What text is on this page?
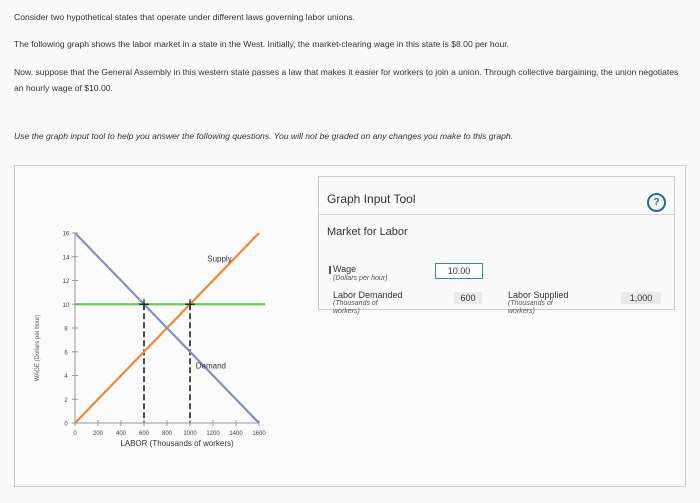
Consider two hypothetical states that operate under different laws governing labor unions.

The following graph shows the labor market in a state in the West. Initially, the market-clearing wage in this state is $8.00 per hour.

Now, suppose that the General Assembly in this western state passes a law that makes it easier for workers to join a union. Through collective bargaining, the union negotiates an hourly wage of $10.00.

Use the graph input tool to help you answer the following questions. You will not be graded on any changes you make to this graph.

0
2
4
6
8
10
12
14
16
0	200 400 600 800 1000 1200 1400 1600
Supply
Demand
LABOR (Thousands of workers)
WAGE (Dollars per hour)
Graph Input Tool	?
Market for Labor
Wage
(Dollars per hour)
10.00
Labor Demanded
(Thousands of
workers)
600	Labor Supplied
(Thousands of
workers)
1,000
